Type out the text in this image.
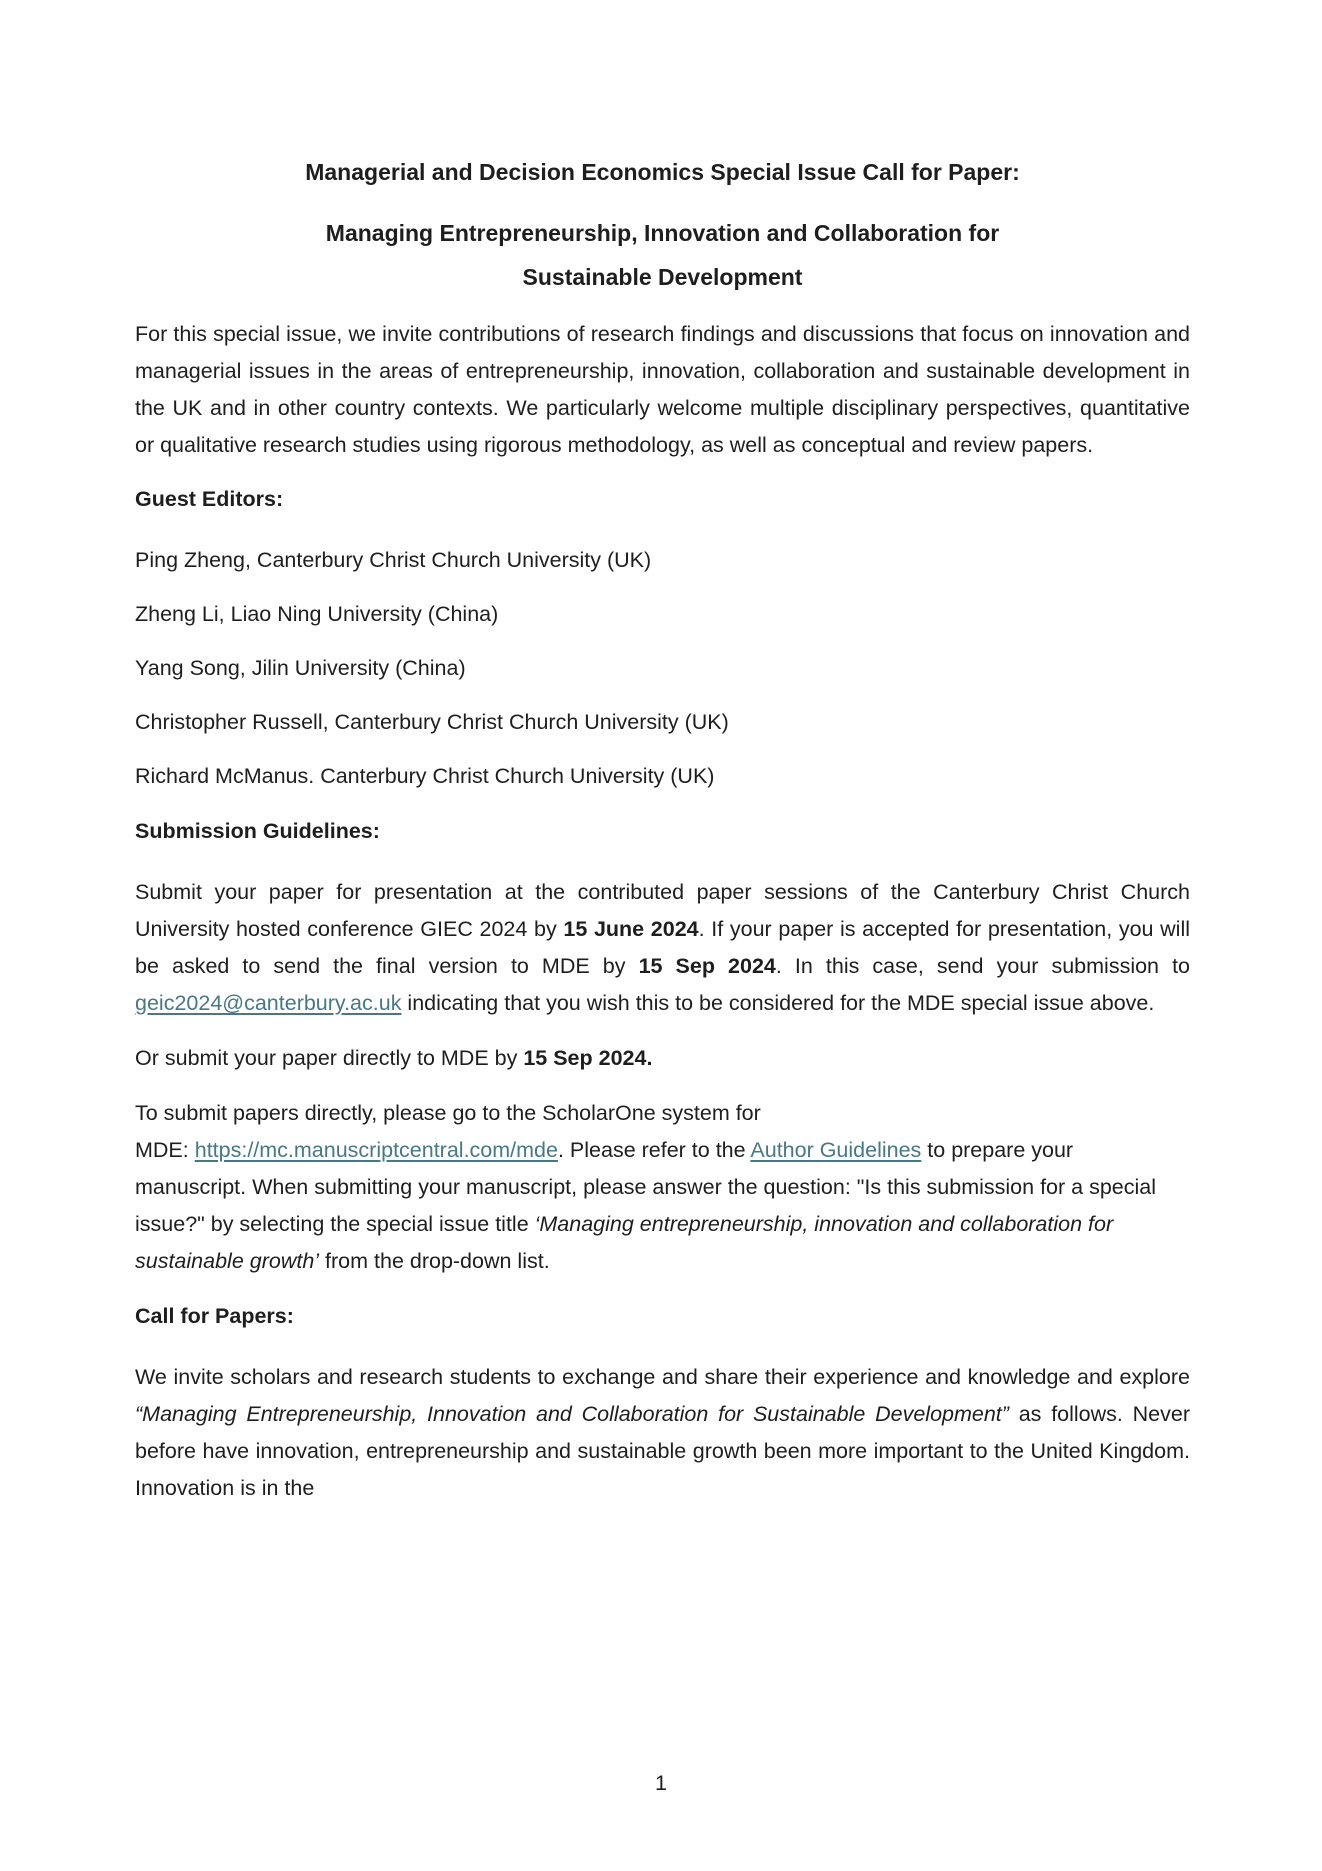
Managerial and Decision Economics Special Issue Call for Paper:
Managing Entrepreneurship, Innovation and Collaboration for
Sustainable Development

For this special issue, we invite contributions of research findings and discussions that focus on innovation and managerial issues in the areas of entrepreneurship, innovation, collaboration and sustainable development in the UK and in other country contexts. We particularly welcome multiple disciplinary perspectives, quantitative or qualitative research studies using rigorous methodology, as well as conceptual and review papers.

Guest Editors:

Ping Zheng, Canterbury Christ Church University (UK)

Zheng Li, Liao Ning University (China)

Yang Song, Jilin University (China)

Christopher Russell, Canterbury Christ Church University (UK)

Richard McManus. Canterbury Christ Church University (UK)

Submission Guidelines:

Submit your paper for presentation at the contributed paper sessions of the Canterbury Christ Church University hosted conference GIEC 2024 by 15 June 2024. If your paper is accepted for presentation, you will be asked to send the final version to MDE by 15 Sep 2024. In this case, send your submission to geic2024@canterbury.ac.uk indicating that you wish this to be considered for the MDE special issue above.

Or submit your paper directly to MDE by 15 Sep 2024.

To submit papers directly, please go to the ScholarOne system for
MDE: https://mc.manuscriptcentral.com/mde. Please refer to the Author Guidelines to prepare your manuscript. When submitting your manuscript, please answer the question: "Is this submission for a special issue?" by selecting the special issue title ‘Managing entrepreneurship, innovation and collaboration for sustainable growth’ from the drop-down list.

Call for Papers:

We invite scholars and research students to exchange and share their experience and knowledge and explore “Managing Entrepreneurship, Innovation and Collaboration for Sustainable Development” as follows. Never before have innovation, entrepreneurship and sustainable growth been more important to the United Kingdom. Innovation is in the

1
